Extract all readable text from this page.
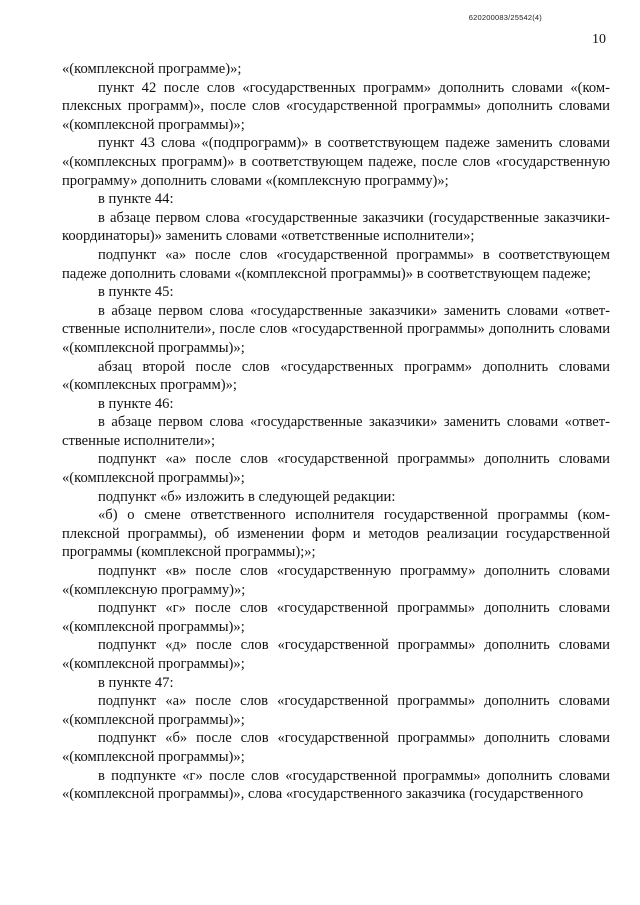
620200083/25542(4)
10

«(комплексной программе)»;

пункт 42 после слов «государственных программ» дополнить словами «(комплексных программ)», после слов «государственной программы» дополнить словами «(комплексной программы)»;

пункт 43 слова «(подпрограмм)» в соответствующем падеже заменить словами «(комплексных программ)» в соответствующем падеже, после слов «государственную программу» дополнить словами «(комплексную программу)»;

в пункте 44:

в абзаце первом слова «государственные заказчики (государственные заказчики-координаторы)» заменить словами «ответственные исполнители»;

подпункт «а» после слов «государственной программы» в соответствующем падеже дополнить словами «(комплексной программы)» в соответствующем падеже;

в пункте 45:

в абзаце первом слова «государственные заказчики» заменить словами «ответственные исполнители», после слов «государственной программы» дополнить словами «(комплексной программы)»;

абзац второй после слов «государственных программ» дополнить словами «(комплексных программ)»;

в пункте 46:

в абзаце первом слова «государственные заказчики» заменить словами «ответственные исполнители»;

подпункт «а» после слов «государственной программы» дополнить словами «(комплексной программы)»;

подпункт «б» изложить в следующей редакции:

«б) о смене ответственного исполнителя государственной программы (комплексной программы), об изменении форм и методов реализации государственной программы (комплексной программы);»;

подпункт «в» после слов «государственную программу» дополнить словами «(комплексную программу)»;

подпункт «г» после слов «государственной программы» дополнить словами «(комплексной программы)»;

подпункт «д» после слов «государственной программы» дополнить словами «(комплексной программы)»;

в пункте 47:

подпункт «а» после слов «государственной программы» дополнить словами «(комплексной программы)»;

подпункт «б» после слов «государственной программы» дополнить словами «(комплексной программы)»;

в подпункте «г» после слов «государственной программы» дополнить словами «(комплексной программы)», слова «государственного заказчика (государственного
